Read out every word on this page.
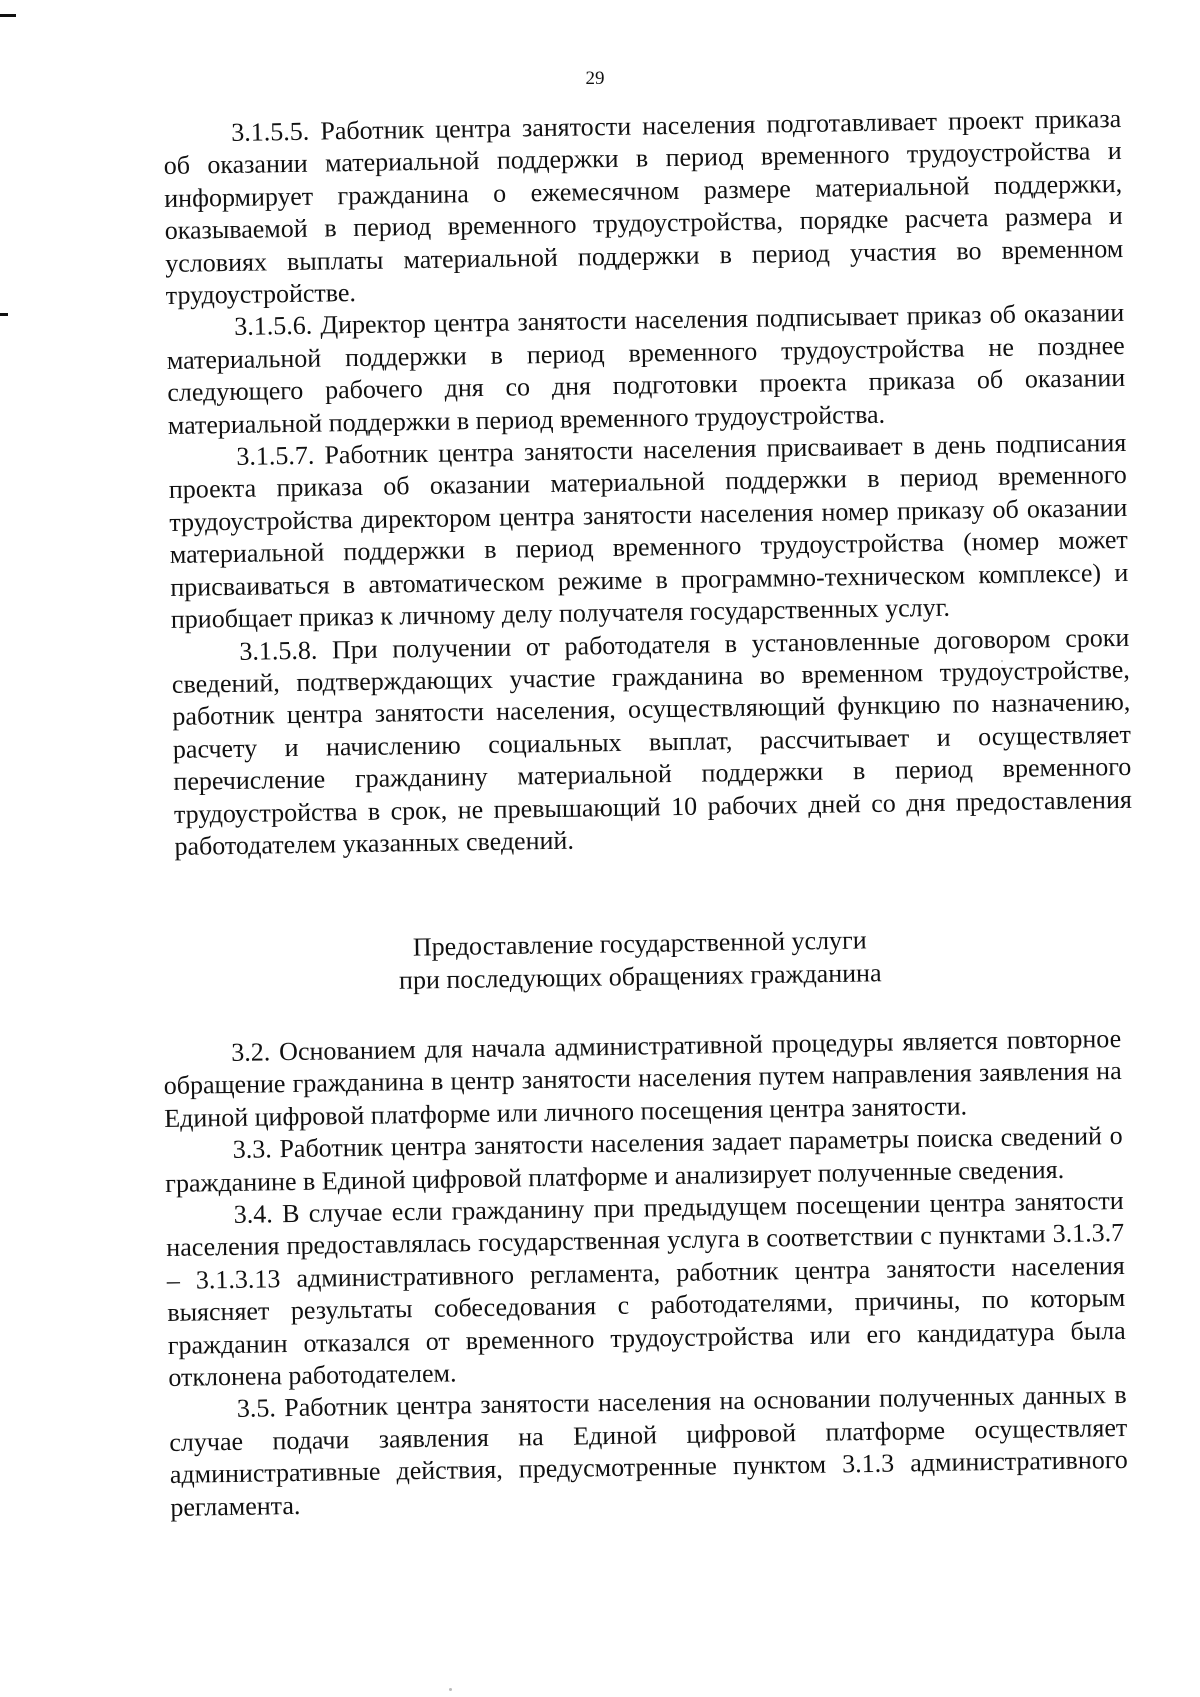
29

3.1.5.5. Работник центра занятости населения подготавливает проект приказа об оказании материальной поддержки в период временного трудоустройства и информирует гражданина о ежемесячном размере материальной поддержки, оказываемой в период временного трудоустройства, порядке расчета размера и условиях выплаты материальной поддержки в период участия во временном трудоустройстве.

3.1.5.6. Директор центра занятости населения подписывает приказ об оказании материальной поддержки в период временного трудоустройства не позднее следующего рабочего дня со дня подготовки проекта приказа об оказании материальной поддержки в период временного трудоустройства.

3.1.5.7. Работник центра занятости населения присваивает в день подписания проекта приказа об оказании материальной поддержки в период временного трудоустройства директором центра занятости населения номер приказу об оказании материальной поддержки в период временного трудоустройства (номер может присваиваться в автоматическом режиме в программно-техническом комплексе) и приобщает приказ к личному делу получателя государственных услуг.

3.1.5.8. При получении от работодателя в установленные договором сроки сведений, подтверждающих участие гражданина во временном трудоустройстве, работник центра занятости населения, осуществляющий функцию по назначению, расчету и начислению социальных выплат, рассчитывает и осуществляет перечисление гражданину материальной поддержки в период временного трудоустройства в срок, не превышающий 10 рабочих дней со дня предоставления работодателем указанных сведений.

Предоставление государственной услуги
при последующих обращениях гражданина

3.2. Основанием для начала административной процедуры является повторное обращение гражданина в центр занятости населения путем направления заявления на Единой цифровой платформе или личного посещения центра занятости.

3.3. Работник центра занятости населения задает параметры поиска сведений о гражданине в Единой цифровой платформе и анализирует полученные сведения.

3.4. В случае если гражданину при предыдущем посещении центра занятости населения предоставлялась государственная услуга в соответствии с пунктами 3.1.3.7 – 3.1.3.13 административного регламента, работник центра занятости населения выясняет результаты собеседования с работодателями, причины, по которым гражданин отказался от временного трудоустройства или его кандидатура была отклонена работодателем.

3.5. Работник центра занятости населения на основании полученных данных в случае подачи заявления на Единой цифровой платформе осуществляет административные действия, предусмотренные пунктом 3.1.3 административного регламента.
